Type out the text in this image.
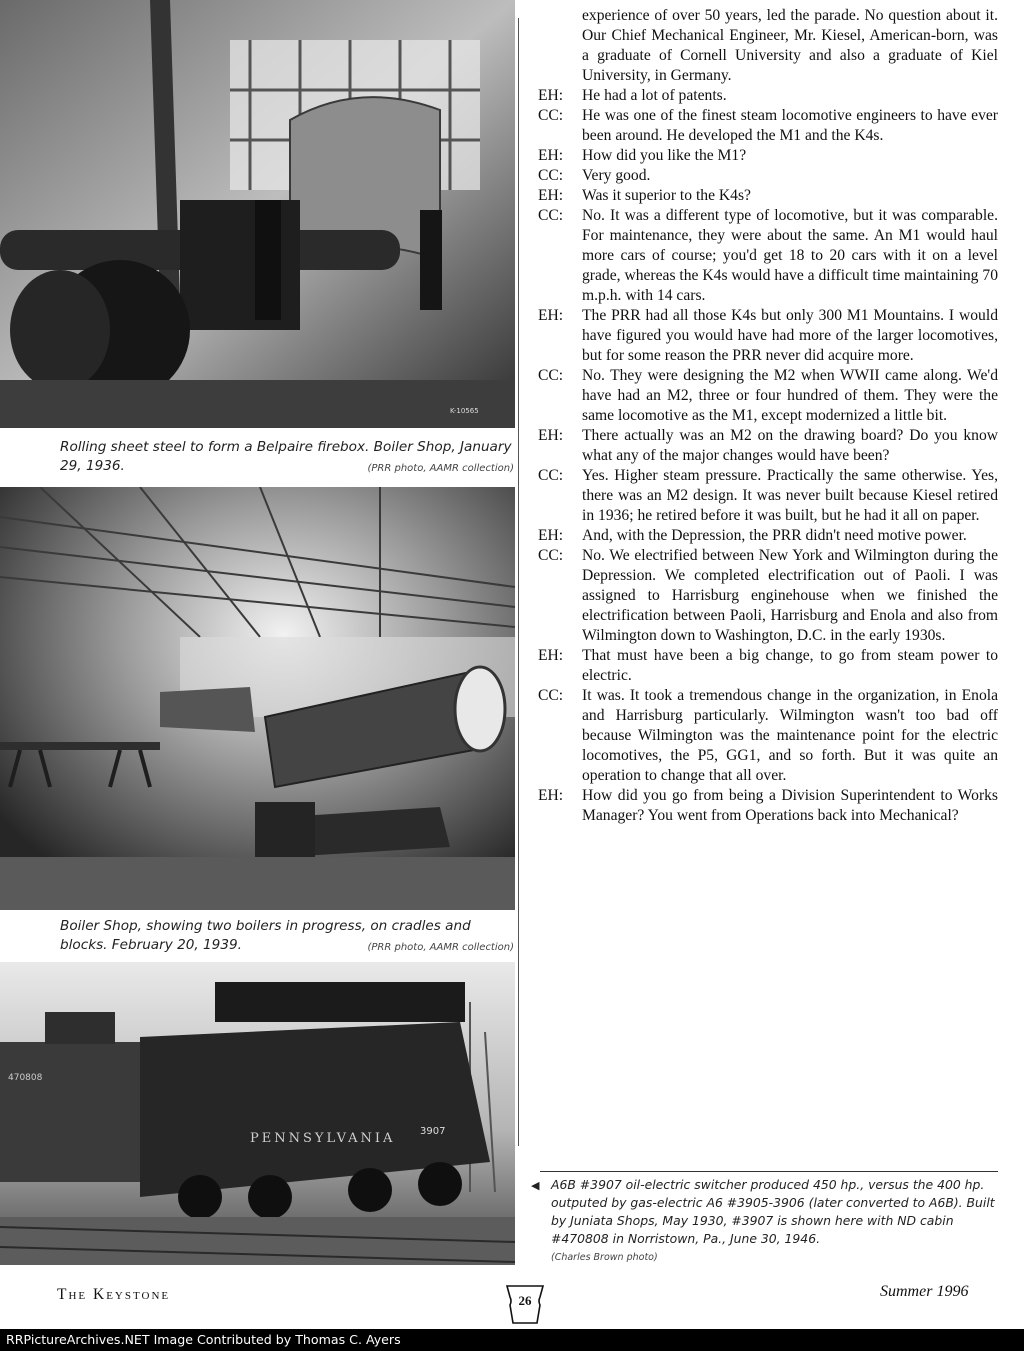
K-10565
Rolling sheet steel to form a Belpaire firebox. Boiler Shop, January 29, 1936.	(PRR photo, AAMR collection)
Boiler Shop, showing two boilers in progress, on cradles and blocks. February 20, 1939.	(PRR photo, AAMR collection)
470808
PENNSYLVANIA 3907
experience of over 50 years, led the parade. No question about it. Our Chief Mechanical Engineer, Mr. Kiesel, American-born, was a graduate of Cornell University and also a graduate of Kiel University, in Germany.
EH:	He had a lot of patents.
CC:	He was one of the finest steam locomotive engineers to have ever been around. He developed the M1 and the K4s.
EH:	How did you like the M1?
CC:	Very good.
EH:	Was it superior to the K4s?
CC:	No. It was a different type of locomotive, but it was comparable. For maintenance, they were about the same. An M1 would haul more cars of course; you'd get 18 to 20 cars with it on a level grade, whereas the K4s would have a difficult time maintaining 70 m.p.h. with 14 cars.
EH:	The PRR had all those K4s but only 300 M1 Mountains. I would have figured you would have had more of the larger locomotives, but for some reason the PRR never did acquire more.
CC:	No. They were designing the M2 when WWII came along. We'd have had an M2, three or four hundred of them. They were the same locomotive as the M1, except modernized a little bit.
EH:	There actually was an M2 on the drawing board? Do you know what any of the major changes would have been?
CC:	Yes. Higher steam pressure. Practically the same otherwise. Yes, there was an M2 design. It was never built because Kiesel retired in 1936; he retired before it was built, but he had it all on paper.
EH:	And, with the Depression, the PRR didn't need motive power.
CC:	No. We electrified between New York and Wilmington during the Depression. We completed electrification out of Paoli. I was assigned to Harrisburg enginehouse when we finished the electrification between Paoli, Harrisburg and Enola and also from Wilmington down to Washington, D.C. in the early 1930s.
EH:	That must have been a big change, to go from steam power to electric.
CC:	It was. It took a tremendous change in the organization, in Enola and Harrisburg particularly. Wilmington wasn't too bad off because Wilmington was the maintenance point for the electric locomotives, the P5, GG1, and so forth. But it was quite an operation to change that all over.
EH:	How did you go from being a Division Superintendent to Works Manager? You went from Operations back into Mechanical?
◀ A6B #3907 oil-electric switcher produced 450 hp., versus the 400 hp. outputed by gas-electric A6 #3905-3906 (later converted to A6B). Built by Juniata Shops, May 1930, #3907 is shown here with ND cabin #470808 in Norristown, Pa., June 30, 1946.
(Charles Brown photo)
The Keystone	26
Summer 1996
RRPictureArchives.NET Image Contributed by Thomas C. Ayers
